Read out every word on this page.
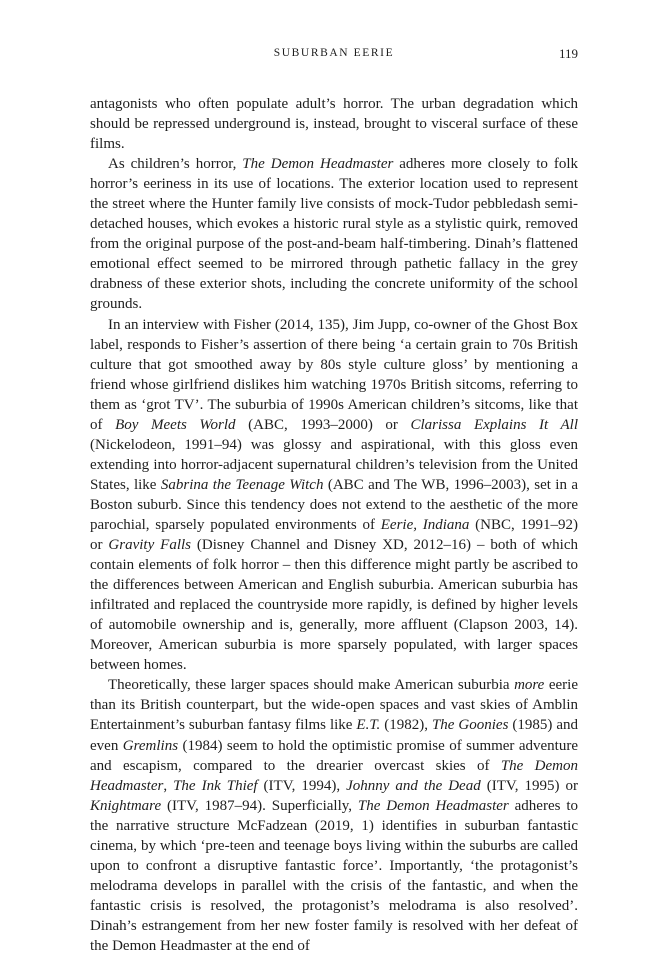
SUBURBAN EERIE	119

antagonists who often populate adult’s horror. The urban degradation which should be repressed underground is, instead, brought to visceral surface of these films.

As children’s horror, The Demon Headmaster adheres more closely to folk horror’s eeriness in its use of locations. The exterior location used to represent the street where the Hunter family live consists of mock-Tudor pebbledash semi-detached houses, which evokes a historic rural style as a stylistic quirk, removed from the original purpose of the post-and-beam half-timbering. Dinah’s flattened emotional effect seemed to be mirrored through pathetic fallacy in the grey drabness of these exterior shots, including the concrete uniformity of the school grounds.

In an interview with Fisher (2014, 135), Jim Jupp, co-owner of the Ghost Box label, responds to Fisher’s assertion of there being ‘a certain grain to 70s British culture that got smoothed away by 80s style culture gloss’ by mentioning a friend whose girlfriend dislikes him watching 1970s British sitcoms, referring to them as ‘grot TV’. The suburbia of 1990s American children’s sitcoms, like that of Boy Meets World (ABC, 1993–2000) or Clarissa Explains It All (Nickelodeon, 1991–94) was glossy and aspirational, with this gloss even extending into horror-adjacent supernatural children’s television from the United States, like Sabrina the Teenage Witch (ABC and The WB, 1996–2003), set in a Boston suburb. Since this tendency does not extend to the aesthetic of the more parochial, sparsely populated environments of Eerie, Indiana (NBC, 1991–92) or Gravity Falls (Disney Channel and Disney XD, 2012–16) – both of which contain elements of folk horror – then this difference might partly be ascribed to the differences between American and English suburbia. American suburbia has infiltrated and replaced the countryside more rapidly, is defined by higher levels of automobile ownership and is, generally, more affluent (Clapson 2003, 14). Moreover, American suburbia is more sparsely populated, with larger spaces between homes.

Theoretically, these larger spaces should make American suburbia more eerie than its British counterpart, but the wide-open spaces and vast skies of Amblin Entertainment’s suburban fantasy films like E.T. (1982), The Goonies (1985) and even Gremlins (1984) seem to hold the optimistic promise of summer adventure and escapism, compared to the drearier overcast skies of The Demon Headmaster, The Ink Thief (ITV, 1994), Johnny and the Dead (ITV, 1995) or Knightmare (ITV, 1987–94). Superficially, The Demon Headmaster adheres to the narrative structure McFadzean (2019, 1) identifies in suburban fantastic cinema, by which ‘pre-teen and teenage boys living within the suburbs are called upon to confront a disruptive fantastic force’. Importantly, ‘the protagonist’s melodrama develops in parallel with the crisis of the fantastic, and when the fantastic crisis is resolved, the protagonist’s melodrama is also resolved’. Dinah’s estrangement from her new foster family is resolved with her defeat of the Demon Headmaster at the end of
